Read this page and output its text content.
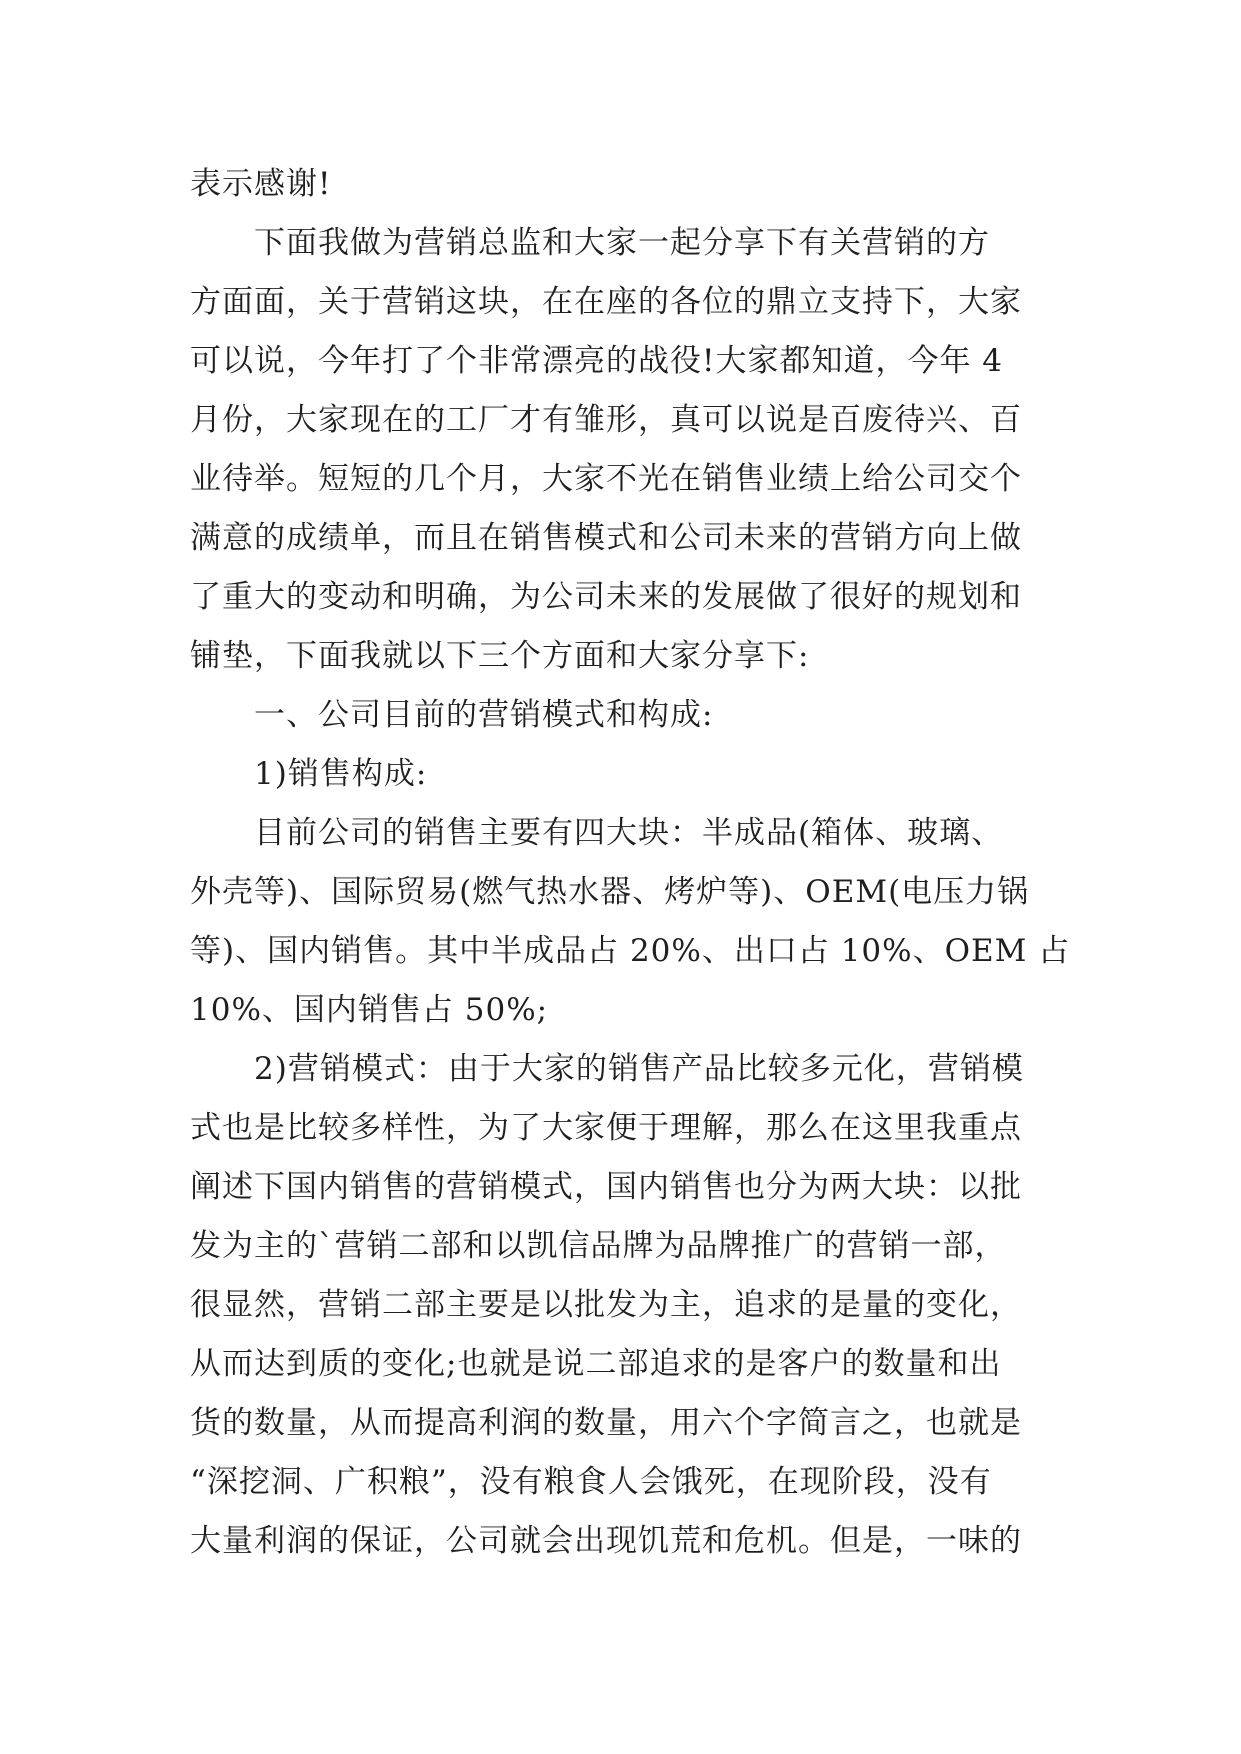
表示感谢!
下面我做为营销总监和大家一起分享下有关营销的方
方面面，关于营销这块，在在座的各位的鼎立支持下，大家
可以说，今年打了个非常漂亮的战役!大家都知道，今年 4
月份，大家现在的工厂才有雏形，真可以说是百废待兴、百
业待举。短短的几个月，大家不光在销售业绩上给公司交个
满意的成绩单，而且在销售模式和公司未来的营销方向上做
了重大的变动和明确，为公司未来的发展做了很好的规划和
铺垫，下面我就以下三个方面和大家分享下:
一、公司目前的营销模式和构成:
1)销售构成:
目前公司的销售主要有四大块：半成品(箱体、玻璃、
外壳等)、国际贸易(燃气热水器、烤炉等)、OEM(电压力锅
等)、国内销售。其中半成品占 20%、出口占 10%、OEM 占
10%、国内销售占 50%;
2)营销模式：由于大家的销售产品比较多元化，营销模
式也是比较多样性，为了大家便于理解，那么在这里我重点
阐述下国内销售的营销模式，国内销售也分为两大块：以批
发为主的`营销二部和以凯信品牌为品牌推广的营销一部，
很显然，营销二部主要是以批发为主，追求的是量的变化，
从而达到质的变化;也就是说二部追求的是客户的数量和出
货的数量，从而提高利润的数量，用六个字简言之，也就是
“深挖洞、广积粮”，没有粮食人会饿死，在现阶段，没有
大量利润的保证，公司就会出现饥荒和危机。但是，一味的
